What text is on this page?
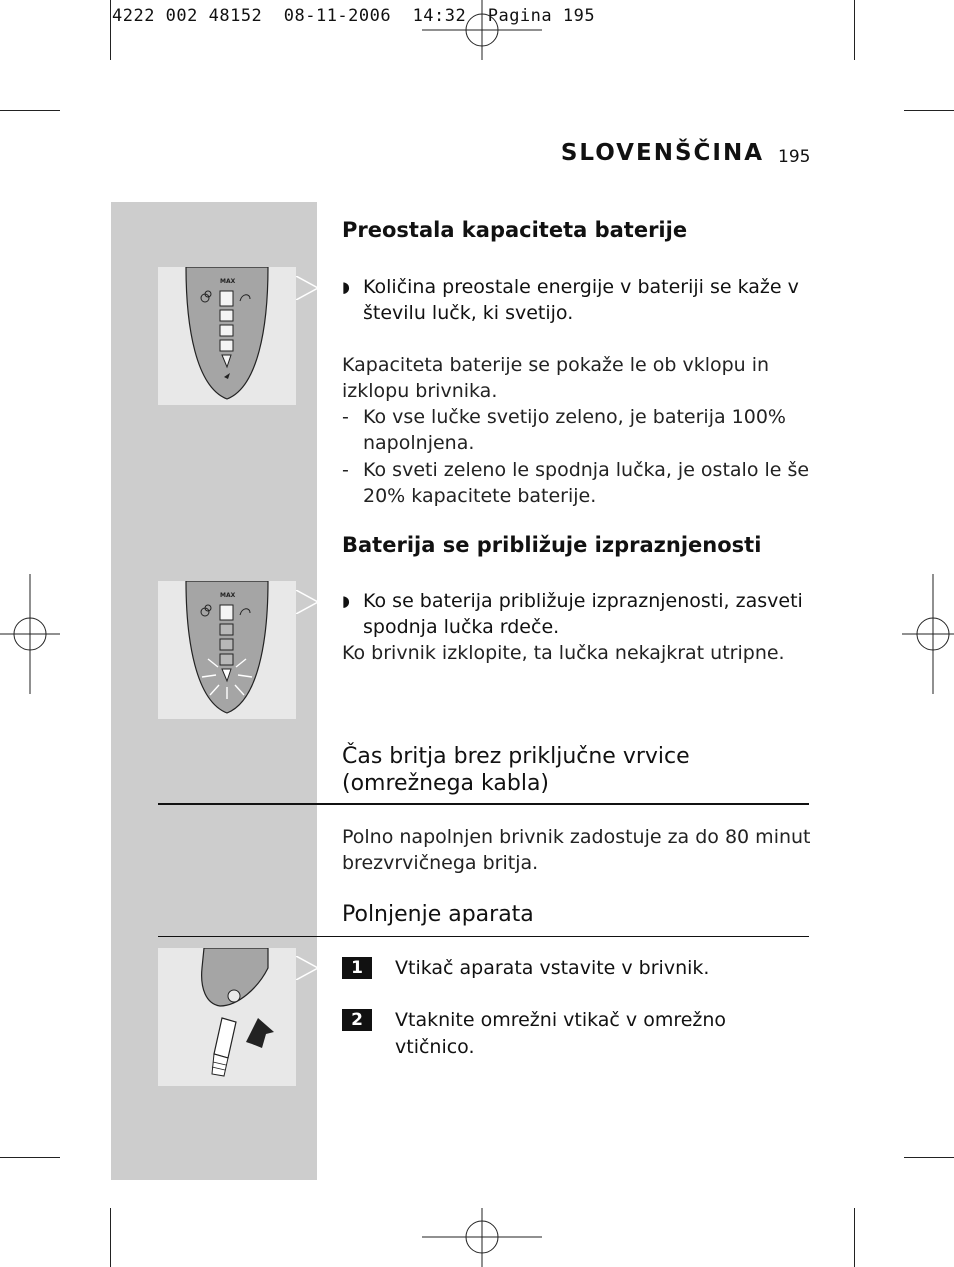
4222 002 48152  08-11-2006  14:32  Pagina 195
SLOVENŠČINA 195
MAX
Preostala kapaciteta baterije
◗ Količina preostale energije v bateriji se kaže v številu lučk, ki svetijo.
Kapaciteta baterije se pokaže le ob vklopu in izklopu brivnika.
- Ko vse lučke svetijo zeleno, je baterija 100% napolnjena.
- Ko sveti zeleno le spodnja lučka, je ostalo le še 20% kapacitete baterije.
MAX
Baterija se približuje izpraznjenosti
◗ Ko se baterija približuje izpraznjenosti, zasveti spodnja lučka rdeče.
Ko brivnik izklopite, ta lučka nekajkrat utripne.
Čas britja brez priključne vrvice (omrežnega kabla)
Polno napolnjen brivnik zadostuje za do 80 minut brezvrvičnega britja.
Polnjenje aparata
1	Vtikač aparata vstavite v brivnik.
2	Vtaknite omrežni vtikač v omrežno vtičnico.
